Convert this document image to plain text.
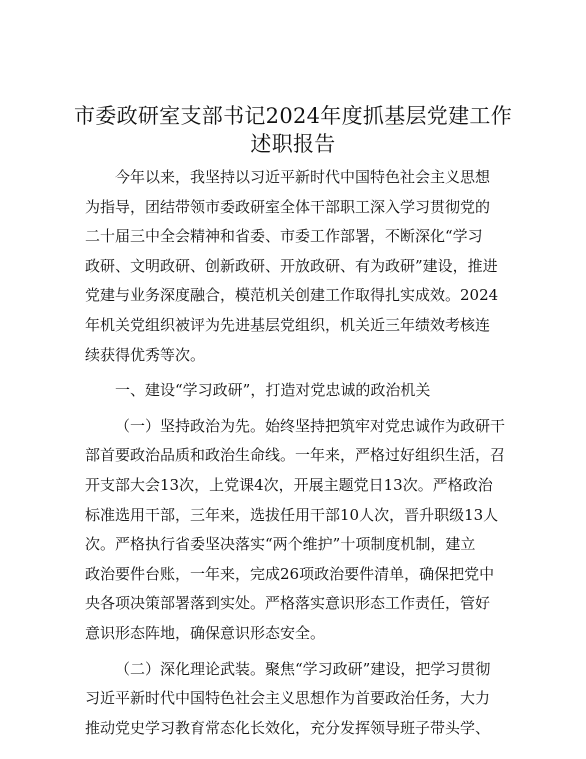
市委政研室支部书记2024年度抓基层党建工作
述职报告
今年以来，我坚持以习近平新时代中国特色社会主义思想
为指导，团结带领市委政研室全体干部职工深入学习贯彻党的
二十届三中全会精神和省委、市委工作部署，不断深化“学习
政研、文明政研、创新政研、开放政研、有为政研”建设，推进
党建与业务深度融合，模范机关创建工作取得扎实成效。2024
年机关党组织被评为先进基层党组织，机关近三年绩效考核连
续获得优秀等次。
一、建设“学习政研”，打造对党忠诚的政治机关
（一）坚持政治为先。始终坚持把筑牢对党忠诚作为政研干
部首要政治品质和政治生命线。一年来，严格过好组织生活，召
开支部大会13次，上党课4次，开展主题党日13次。严格政治
标准选用干部，三年来，选拔任用干部10人次，晋升职级13人
次。严格执行省委坚决落实“两个维护”十项制度机制，建立
政治要件台账，一年来，完成26项政治要件清单，确保把党中
央各项决策部署落到实处。严格落实意识形态工作责任，管好
意识形态阵地，确保意识形态安全。
（二）深化理论武装。聚焦“学习政研”建设，把学习贯彻
习近平新时代中国特色社会主义思想作为首要政治任务，大力
推动党史学习教育常态化长效化，充分发挥领导班子带头学、
